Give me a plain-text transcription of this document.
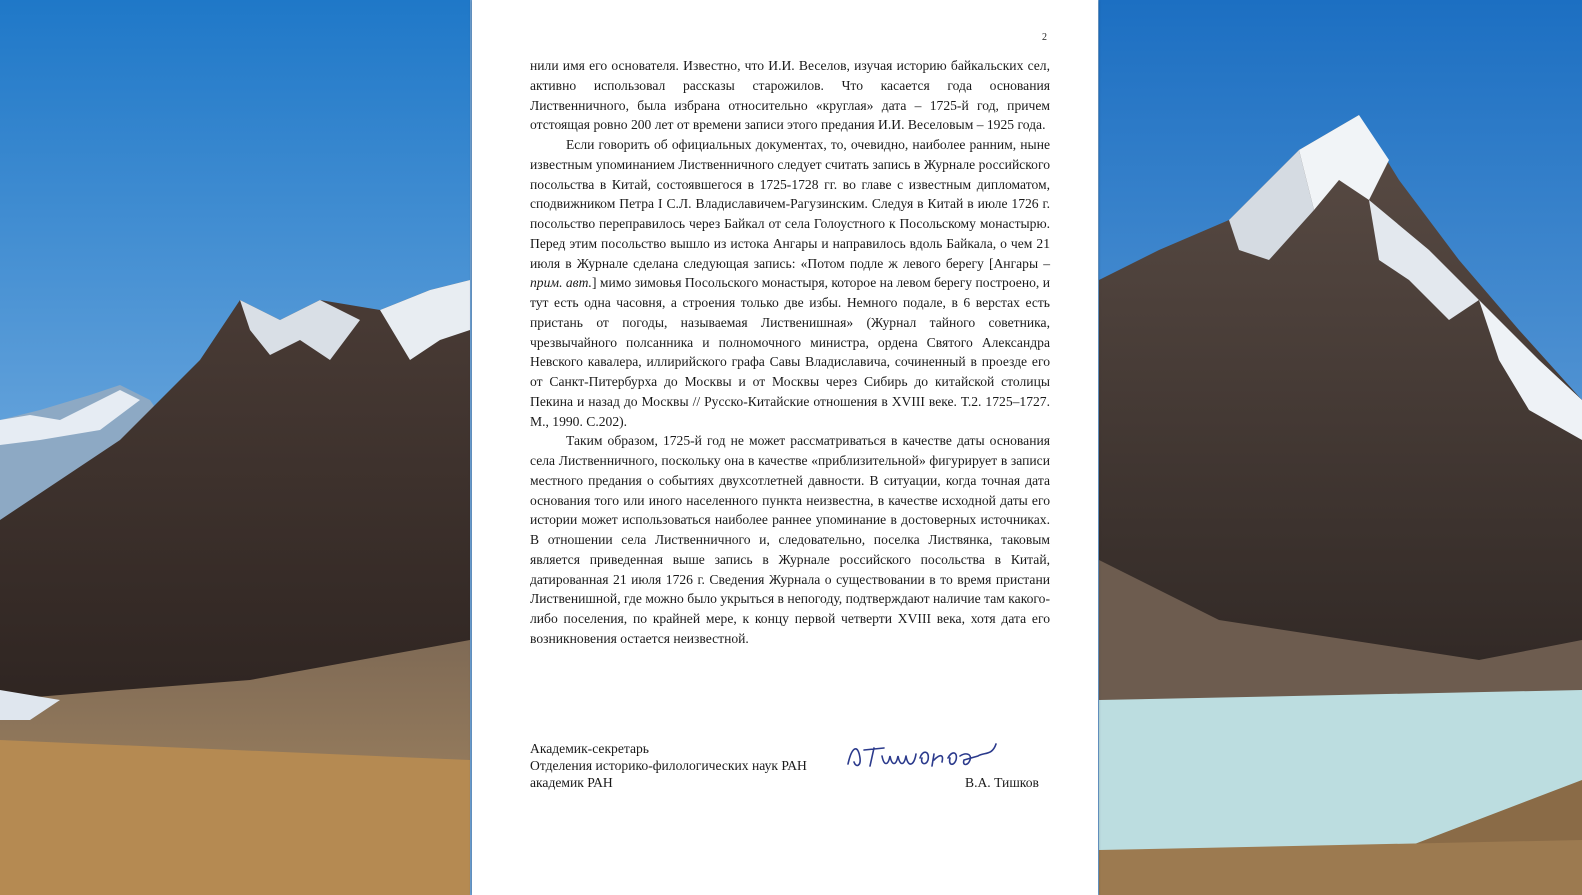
2

нили имя его основателя. Известно, что И.И. Веселов, изучая историю байкальских сел, активно использовал рассказы старожилов. Что касается года основания Лиственничного, была избрана относительно «круглая» дата – 1725-й год, причем отстоящая ровно 200 лет от времени записи этого предания И.И. Веселовым – 1925 года.

Если говорить об официальных документах, то, очевидно, наиболее ранним, ныне известным упоминанием Лиственничного следует считать запись в Журнале российского посольства в Китай, состоявшегося в 1725-1728 гг. во главе с известным дипломатом, сподвижником Петра I С.Л. Владиславичем-Рагузинским. Следуя в Китай в июле 1726 г. посольство переправилось через Байкал от села Голоустного к Посольскому монастырю. Перед этим посольство вышло из истока Ангары и направилось вдоль Байкала, о чем 21 июля в Журнале сделана следующая запись: «Потом подле ж левого берегу [Ангары – прим. авт.] мимо зимовья Посольского монастыря, которое на левом берегу построено, и тут есть одна часовня, а строения только две избы. Немного подале, в 6 верстах есть пристань от погоды, называемая Лиственишная» (Журнал тайного советника, чрезвычайного полсанника и полномочного министра, ордена Святого Александра Невского кавалера, иллирийского графа Савы Владиславича, сочиненный в проезде его от Санкт-Питербурха до Москвы и от Москвы через Сибирь до китайской столицы Пекина и назад до Москвы // Русско-Китайские отношения в XVIII веке. Т.2. 1725–1727. М., 1990. С.202).

Таким образом, 1725-й год не может рассматриваться в качестве даты основания села Лиственничного, поскольку она в качестве «приблизительной» фигурирует в записи местного предания о событиях двухсотлетней давности. В ситуации, когда точная дата основания того или иного населенного пункта неизвестна, в качестве исходной даты его истории может использоваться наиболее раннее упоминание в достоверных источниках. В отношении села Лиственничного и, следовательно, поселка Листвянка, таковым является приведенная выше запись в Журнале российского посольства в Китай, датированная 21 июля 1726 г. Сведения Журнала о существовании в то время пристани Лиственишной, где можно было укрыться в непогоду, подтверждают наличие там какого-либо поселения, по крайней мере, к концу первой четверти XVIII века, хотя дата его возникновения остается неизвестной.

Академик-секретарь
Отделения историко-филологических наук РАН
академик РАН	В.А. Тишков
